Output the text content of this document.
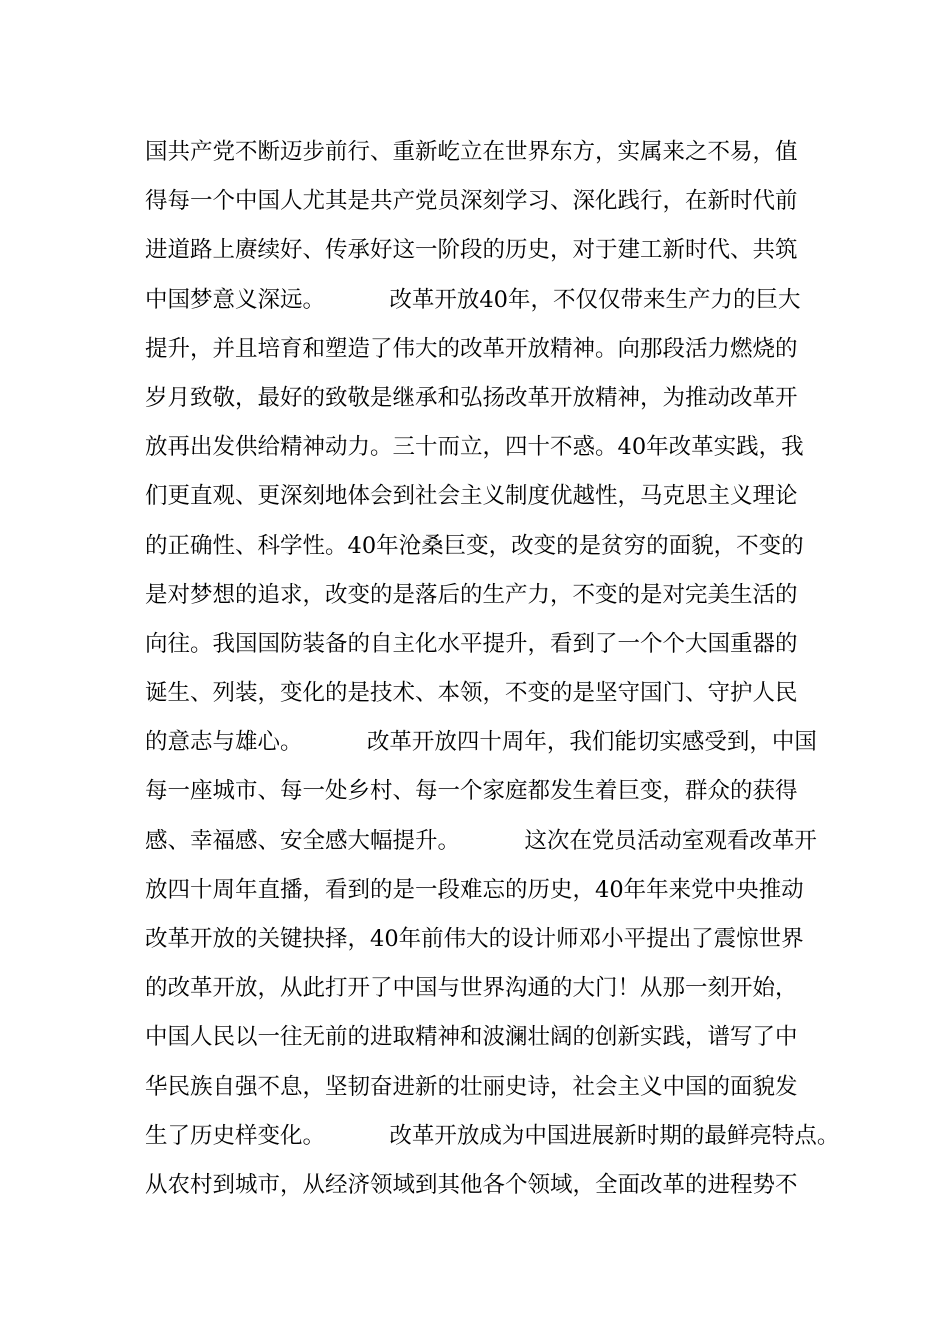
国共产党不断迈步前行、重新屹立在世界东方，实属来之不易，值
得每一个中国人尤其是共产党员深刻学习、深化践行，在新时代前
进道路上赓续好、传承好这一阶段的历史，对于建工新时代、共筑
中国梦意义深远。         改革开放40年，不仅仅带来生产力的巨大
提升，并且培育和塑造了伟大的改革开放精神。向那段活力燃烧的
岁月致敬，最好的致敬是继承和弘扬改革开放精神，为推动改革开
放再出发供给精神动力。三十而立，四十不惑。40年改革实践，我
们更直观、更深刻地体会到社会主义制度优越性，马克思主义理论
的正确性、科学性。40年沧桑巨变，改变的是贫穷的面貌，不变的
是对梦想的追求，改变的是落后的生产力，不变的是对完美生活的
向往。我国国防装备的自主化水平提升，看到了一个个大国重器的
诞生、列装，变化的是技术、本领，不变的是坚守国门、守护人民
的意志与雄心。         改革开放四十周年，我们能切实感受到，中国
每一座城市、每一处乡村、每一个家庭都发生着巨变，群众的获得
感、幸福感、安全感大幅提升。         这次在党员活动室观看改革开
放四十周年直播，看到的是一段难忘的历史，40年年来党中央推动
改革开放的关键抉择，40年前伟大的设计师邓小平提出了震惊世界
的改革开放，从此打开了中国与世界沟通的大门！从那一刻开始，
中国人民以一往无前的进取精神和波澜壮阔的创新实践，谱写了中
华民族自强不息，坚韧奋进新的壮丽史诗，社会主义中国的面貌发
生了历史样变化。         改革开放成为中国进展新时期的最鲜亮特点。
从农村到城市，从经济领域到其他各个领域，全面改革的进程势不
